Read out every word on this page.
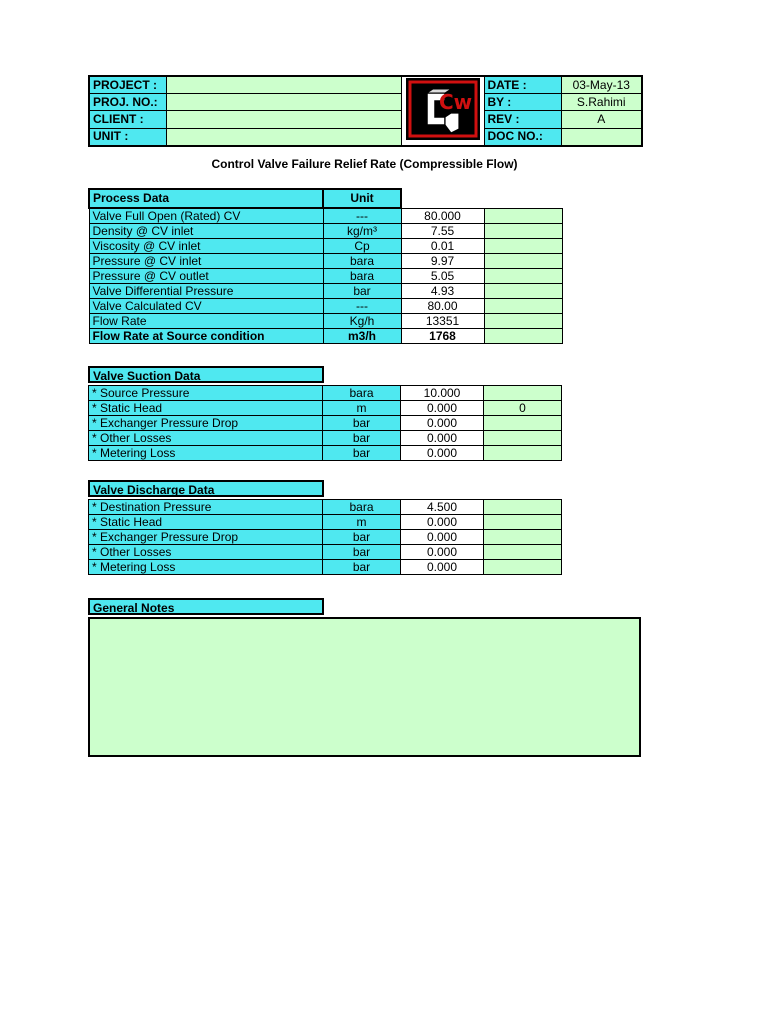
PROJECT :		Cw	DATE :	03-May-13
PROJ. NO.:			BY :	S.Rahimi
CLIENT :			REV :	A
UNIT :			DOC NO.:	
Control Valve Failure Relief Rate (Compressible Flow)
Process Data	Unit		
Valve Full Open (Rated) CV	---	80.000	
Density @ CV inlet	kg/m³	7.55	
Viscosity @ CV inlet	Cp	0.01	
Pressure @ CV inlet	bara	9.97	
Pressure @ CV outlet	bara	5.05	
Valve Differential Pressure	bar	4.93	
Valve Calculated CV	---	80.00	
Flow Rate	Kg/h	13351	
Flow Rate at Source condition	m3/h	1768	
Valve Suction Data
* Source Pressure	bara	10.000	
* Static Head	m	0.000	0
* Exchanger Pressure Drop	bar	0.000	
* Other Losses	bar	0.000	
* Metering Loss	bar	0.000	
Valve Discharge Data
* Destination Pressure	bara	4.500	
* Static Head	m	0.000	
* Exchanger Pressure Drop	bar	0.000	
* Other Losses	bar	0.000	
* Metering Loss	bar	0.000	
General Notes
